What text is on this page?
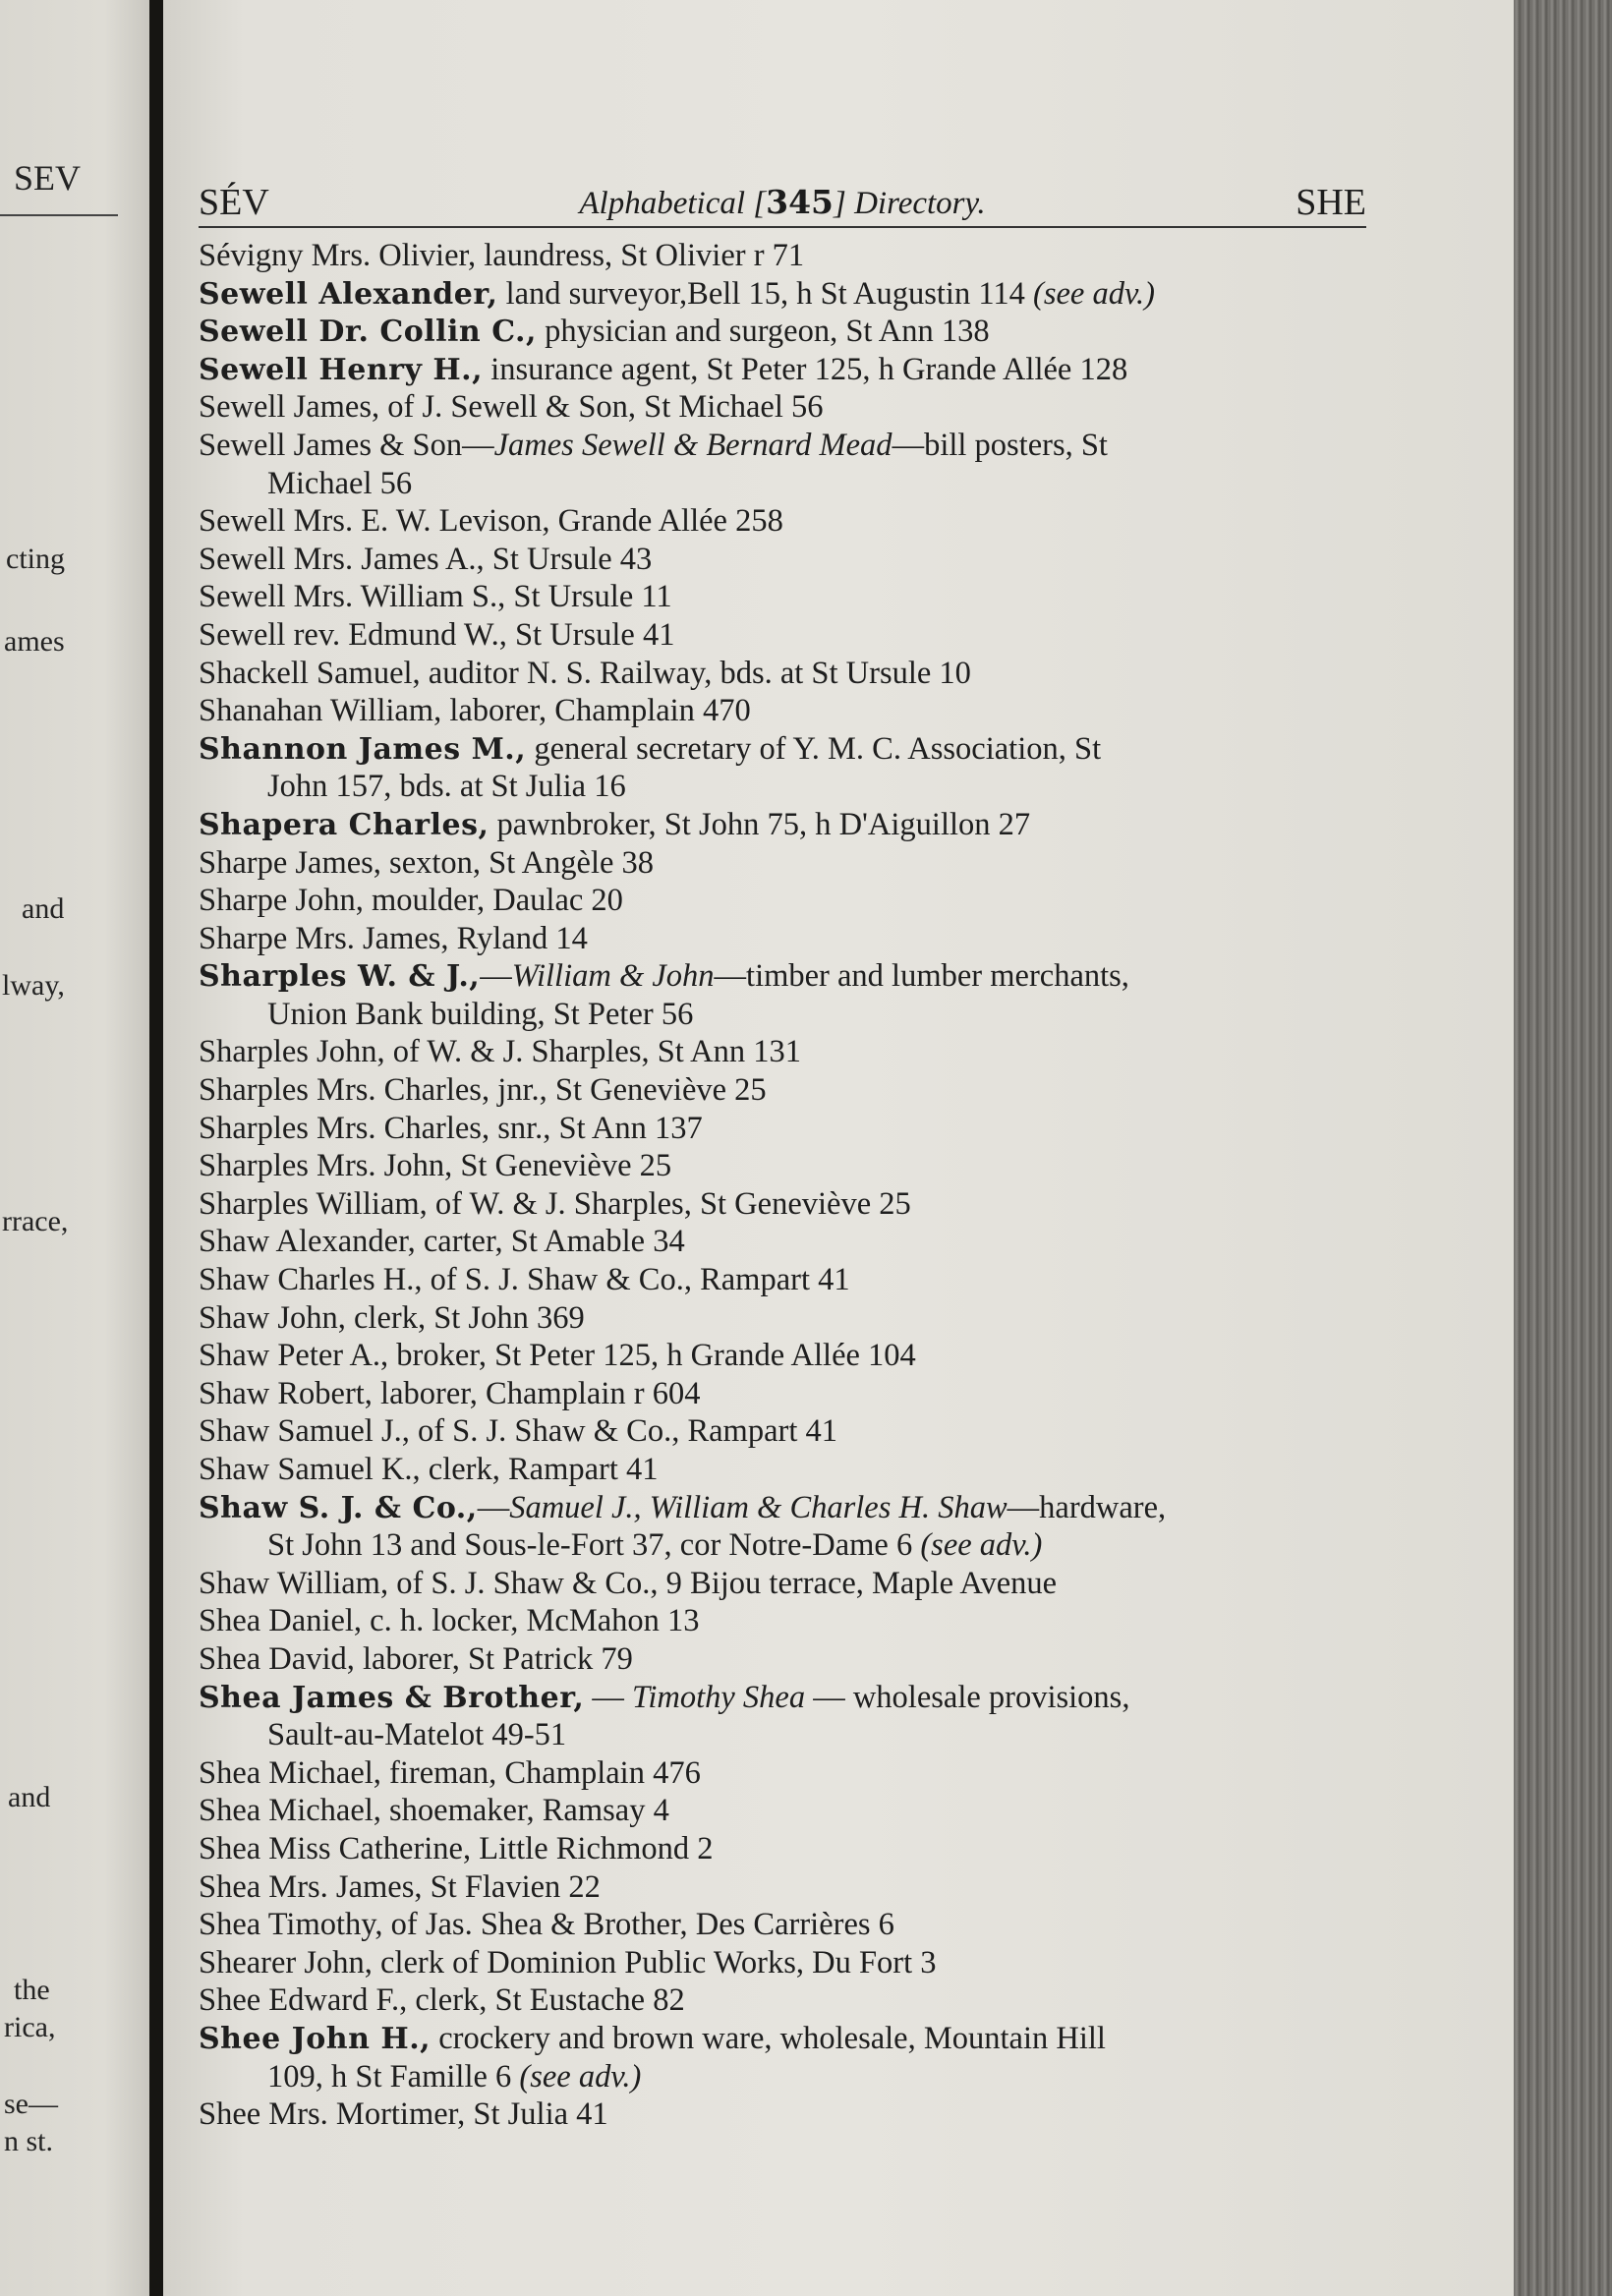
SEV
cting
ames
and
lway,
rrace,
and
the
rica,
se—
n st.
SÉV	Alphabetical [345] Directory.	SHE
Sévigny Mrs. Olivier, laundress, St Olivier r 71
Sewell Alexander, land surveyor,Bell 15, h St Augustin 114 (see adv.)
Sewell Dr. Collin C., physician and surgeon, St Ann 138
Sewell Henry H., insurance agent, St Peter 125, h Grande Allée 128
Sewell James, of J. Sewell & Son, St Michael 56
Sewell James & Son—James Sewell & Bernard Mead—bill posters, St
Michael 56
Sewell Mrs. E. W. Levison, Grande Allée 258
Sewell Mrs. James A., St Ursule 43
Sewell Mrs. William S., St Ursule 11
Sewell rev. Edmund W., St Ursule 41
Shackell Samuel, auditor N. S. Railway, bds. at St Ursule 10
Shanahan William, laborer, Champlain 470
Shannon James M., general secretary of Y. M. C. Association, St
John 157, bds. at St Julia 16
Shapera Charles, pawnbroker, St John 75, h D'Aiguillon 27
Sharpe James, sexton, St Angèle 38
Sharpe John, moulder, Daulac 20
Sharpe Mrs. James, Ryland 14
Sharples W. & J.,—William & John—timber and lumber merchants,
Union Bank building, St Peter 56
Sharples John, of W. & J. Sharples, St Ann 131
Sharples Mrs. Charles, jnr., St Geneviève 25
Sharples Mrs. Charles, snr., St Ann 137
Sharples Mrs. John, St Geneviève 25
Sharples William, of W. & J. Sharples, St Geneviève 25
Shaw Alexander, carter, St Amable 34
Shaw Charles H., of S. J. Shaw & Co., Rampart 41
Shaw John, clerk, St John 369
Shaw Peter A., broker, St Peter 125, h Grande Allée 104
Shaw Robert, laborer, Champlain r 604
Shaw Samuel J., of S. J. Shaw & Co., Rampart 41
Shaw Samuel K., clerk, Rampart 41
Shaw S. J. & Co.,—Samuel J., William & Charles H. Shaw—hardware,
St John 13 and Sous-le-Fort 37, cor Notre-Dame 6 (see adv.)
Shaw William, of S. J. Shaw & Co., 9 Bijou terrace, Maple Avenue
Shea Daniel, c. h. locker, McMahon 13
Shea David, laborer, St Patrick 79
Shea James & Brother, — Timothy Shea — wholesale provisions,
Sault-au-Matelot 49-51
Shea Michael, fireman, Champlain 476
Shea Michael, shoemaker, Ramsay 4
Shea Miss Catherine, Little Richmond 2
Shea Mrs. James, St Flavien 22
Shea Timothy, of Jas. Shea & Brother, Des Carrières 6
Shearer John, clerk of Dominion Public Works, Du Fort 3
Shee Edward F., clerk, St Eustache 82
Shee John H., crockery and brown ware, wholesale, Mountain Hill
109, h St Famille 6 (see adv.)
Shee Mrs. Mortimer, St Julia 41
